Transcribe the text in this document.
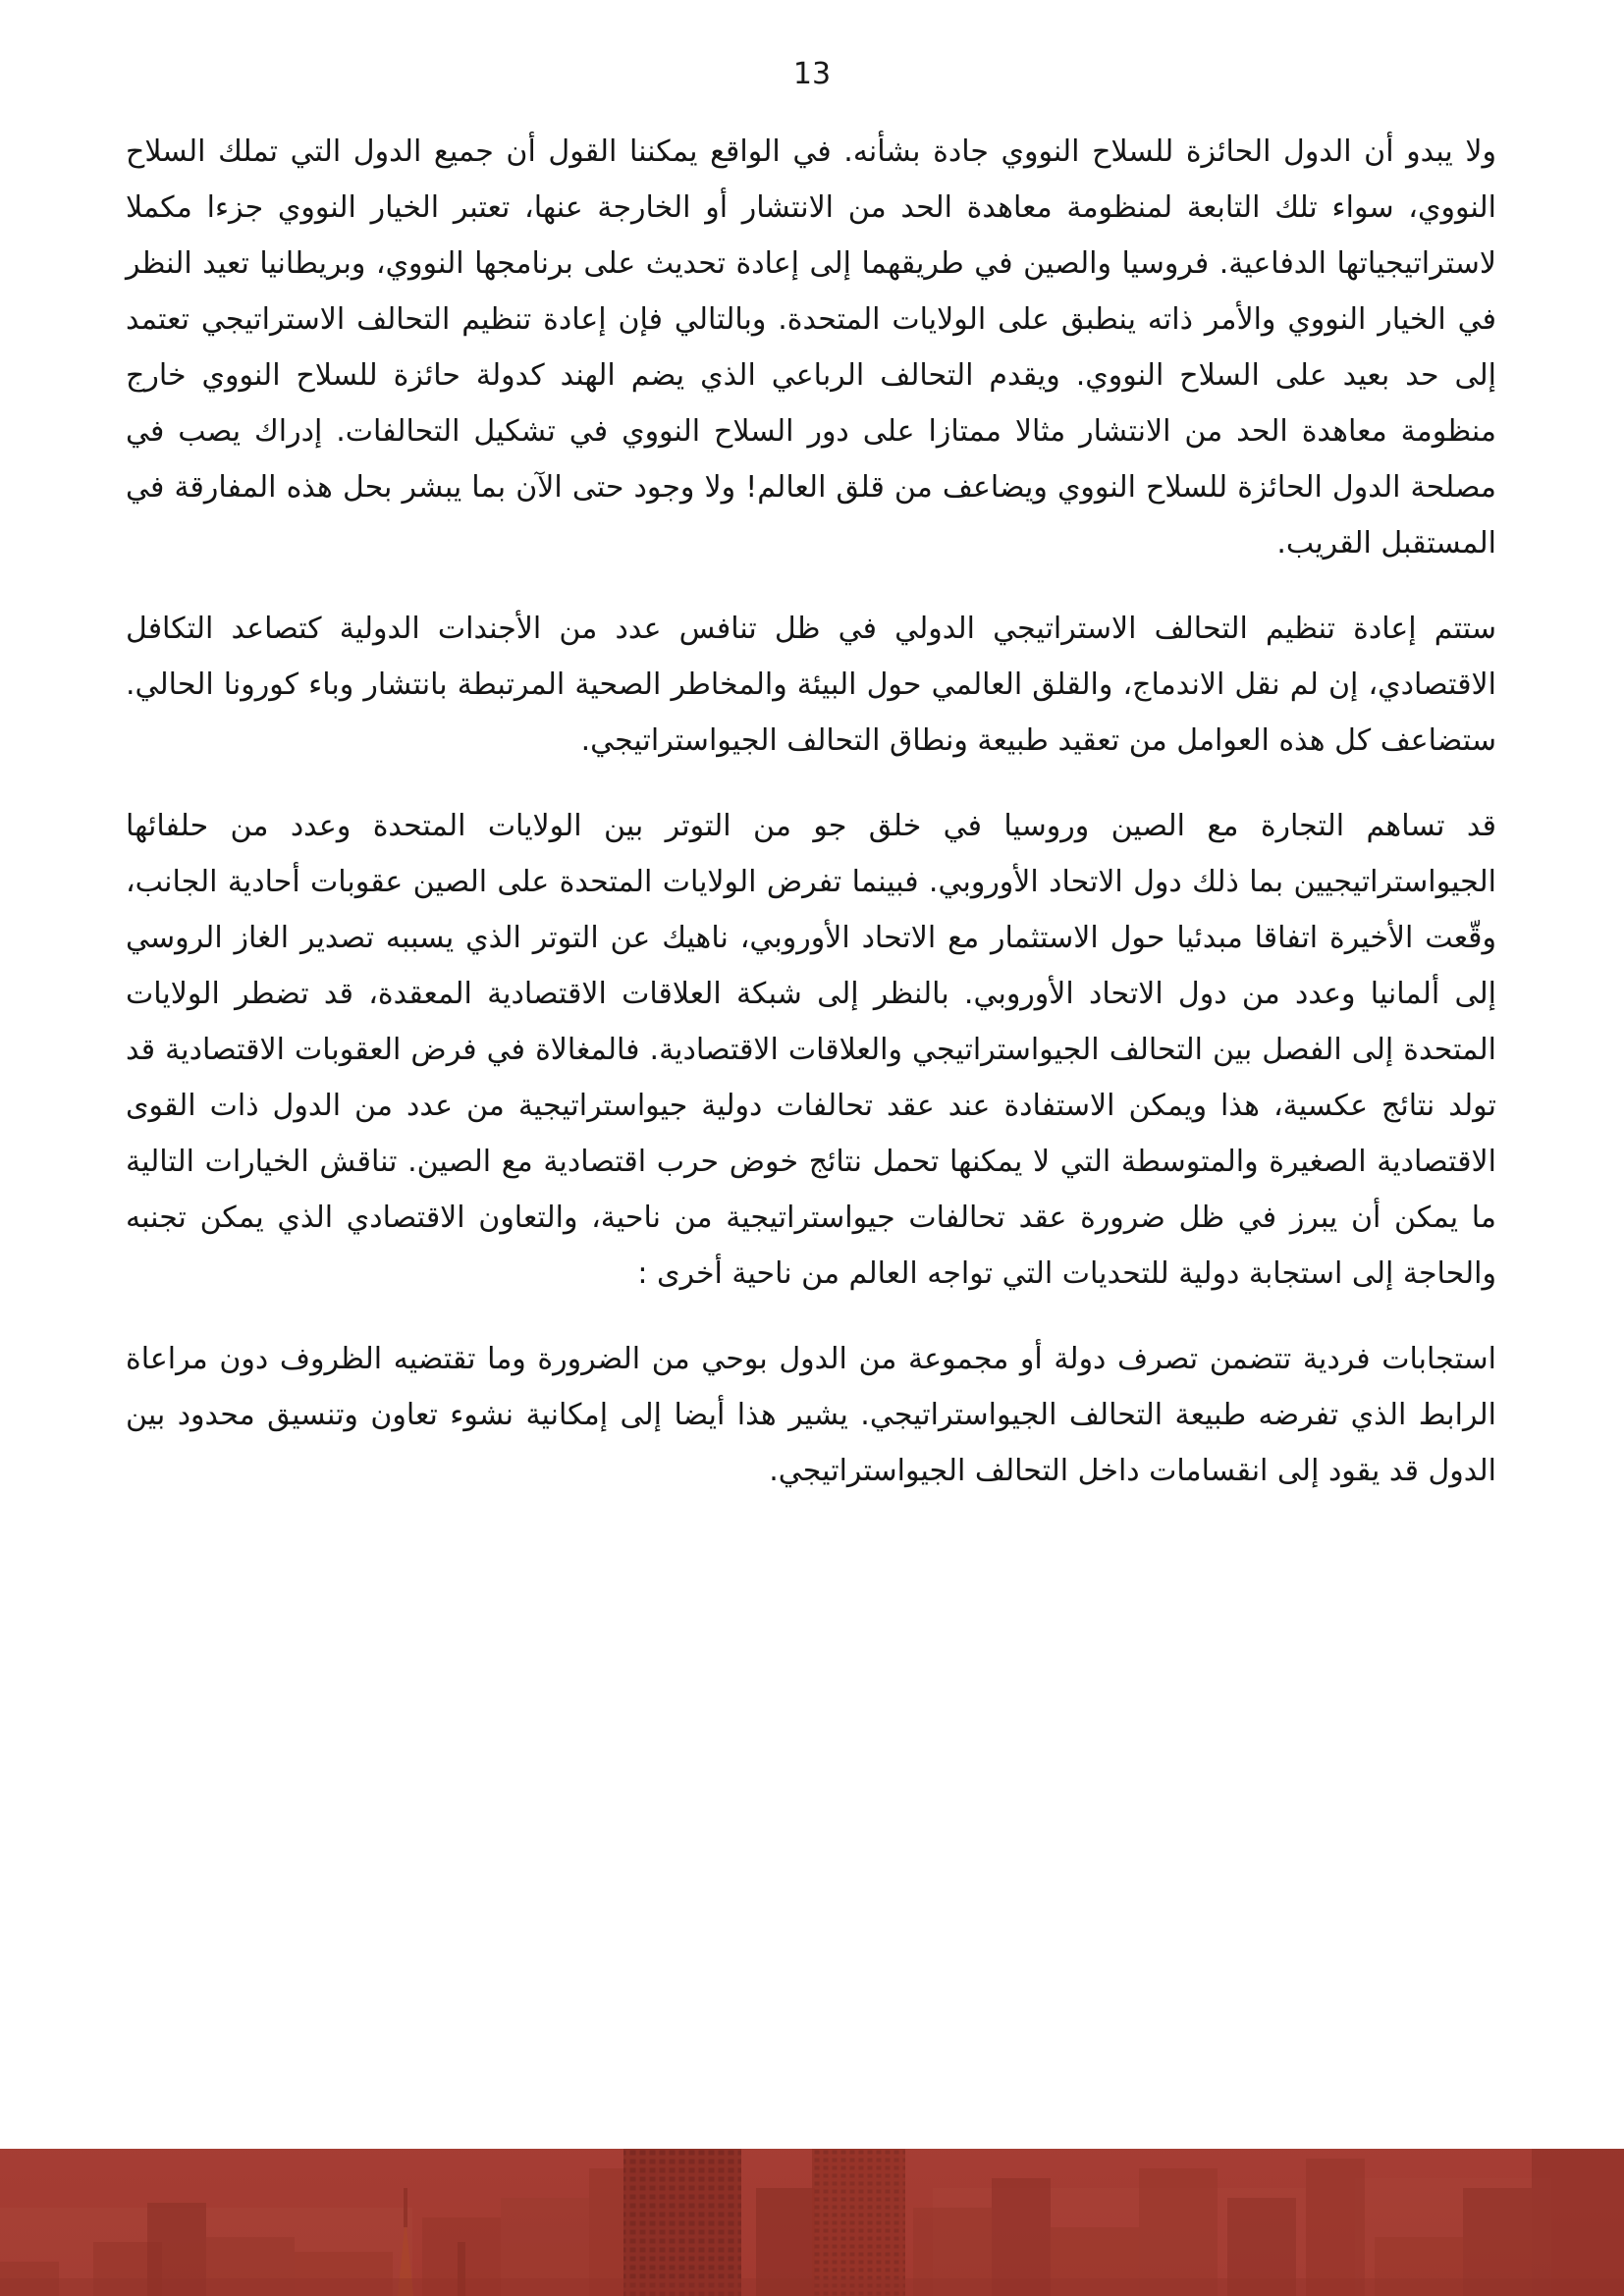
13

ولا يبدو أن الدول الحائزة للسلاح النووي جادة بشأنه. في الواقع يمكننا القول أن جميع الدول التي تملك السلاح النووي، سواء تلك التابعة لمنظومة معاهدة الحد من الانتشار أو الخارجة عنها، تعتبر الخيار النووي جزءا مكملا لاستراتيجياتها الدفاعية. فروسيا والصين في طريقهما إلى إعادة تحديث على برنامجها النووي، وبريطانيا تعيد النظر في الخيار النووي والأمر ذاته ينطبق على الولايات المتحدة. وبالتالي فإن إعادة تنظيم التحالف الاستراتيجي تعتمد إلى حد بعيد على السلاح النووي. ويقدم التحالف الرباعي الذي يضم الهند كدولة حائزة للسلاح النووي خارج منظومة معاهدة الحد من الانتشار مثالا ممتازا على دور السلاح النووي في تشكيل التحالفات. إدراك يصب في مصلحة الدول الحائزة للسلاح النووي ويضاعف من قلق العالم! ولا وجود حتى الآن بما يبشر بحل هذه المفارقة في المستقبل القريب.

ستتم إعادة تنظيم التحالف الاستراتيجي الدولي في ظل تنافس عدد من الأجندات الدولية كتصاعد التكافل الاقتصادي، إن لم نقل الاندماج، والقلق العالمي حول البيئة والمخاطر الصحية المرتبطة بانتشار وباء كورونا الحالي. ستضاعف كل هذه العوامل من تعقيد طبيعة ونطاق التحالف الجيواستراتيجي.

قد تساهم التجارة مع الصين وروسيا في خلق جو من التوتر بين الولايات المتحدة وعدد من حلفائها الجيواستراتيجيين بما ذلك دول الاتحاد الأوروبي. فبينما تفرض الولايات المتحدة على الصين عقوبات أحادية الجانب، وقّعت الأخيرة اتفاقا مبدئيا حول الاستثمار مع الاتحاد الأوروبي، ناهيك عن التوتر الذي يسببه تصدير الغاز الروسي إلى ألمانيا وعدد من دول الاتحاد الأوروبي. بالنظر إلى شبكة العلاقات الاقتصادية المعقدة، قد تضطر الولايات المتحدة إلى الفصل بين التحالف الجيواستراتيجي والعلاقات الاقتصادية. فالمغالاة في فرض العقوبات الاقتصادية قد تولد نتائج عكسية، هذا ويمكن الاستفادة عند عقد تحالفات دولية جيواستراتيجية من عدد من الدول ذات القوى الاقتصادية الصغيرة والمتوسطة التي لا يمكنها تحمل نتائج خوض حرب اقتصادية مع الصين. تناقش الخيارات التالية ما يمكن أن يبرز في ظل ضرورة عقد تحالفات جيواستراتيجية من ناحية، والتعاون الاقتصادي الذي يمكن تجنبه والحاجة إلى استجابة دولية للتحديات التي تواجه العالم من ناحية أخرى :

استجابات فردية تتضمن تصرف دولة أو مجموعة من الدول بوحي من الضرورة وما تقتضيه الظروف دون مراعاة الرابط الذي تفرضه طبيعة التحالف الجيواستراتيجي. يشير هذا أيضا إلى إمكانية نشوء تعاون وتنسيق محدود بين الدول قد يقود إلى انقسامات داخل التحالف الجيواستراتيجي.
